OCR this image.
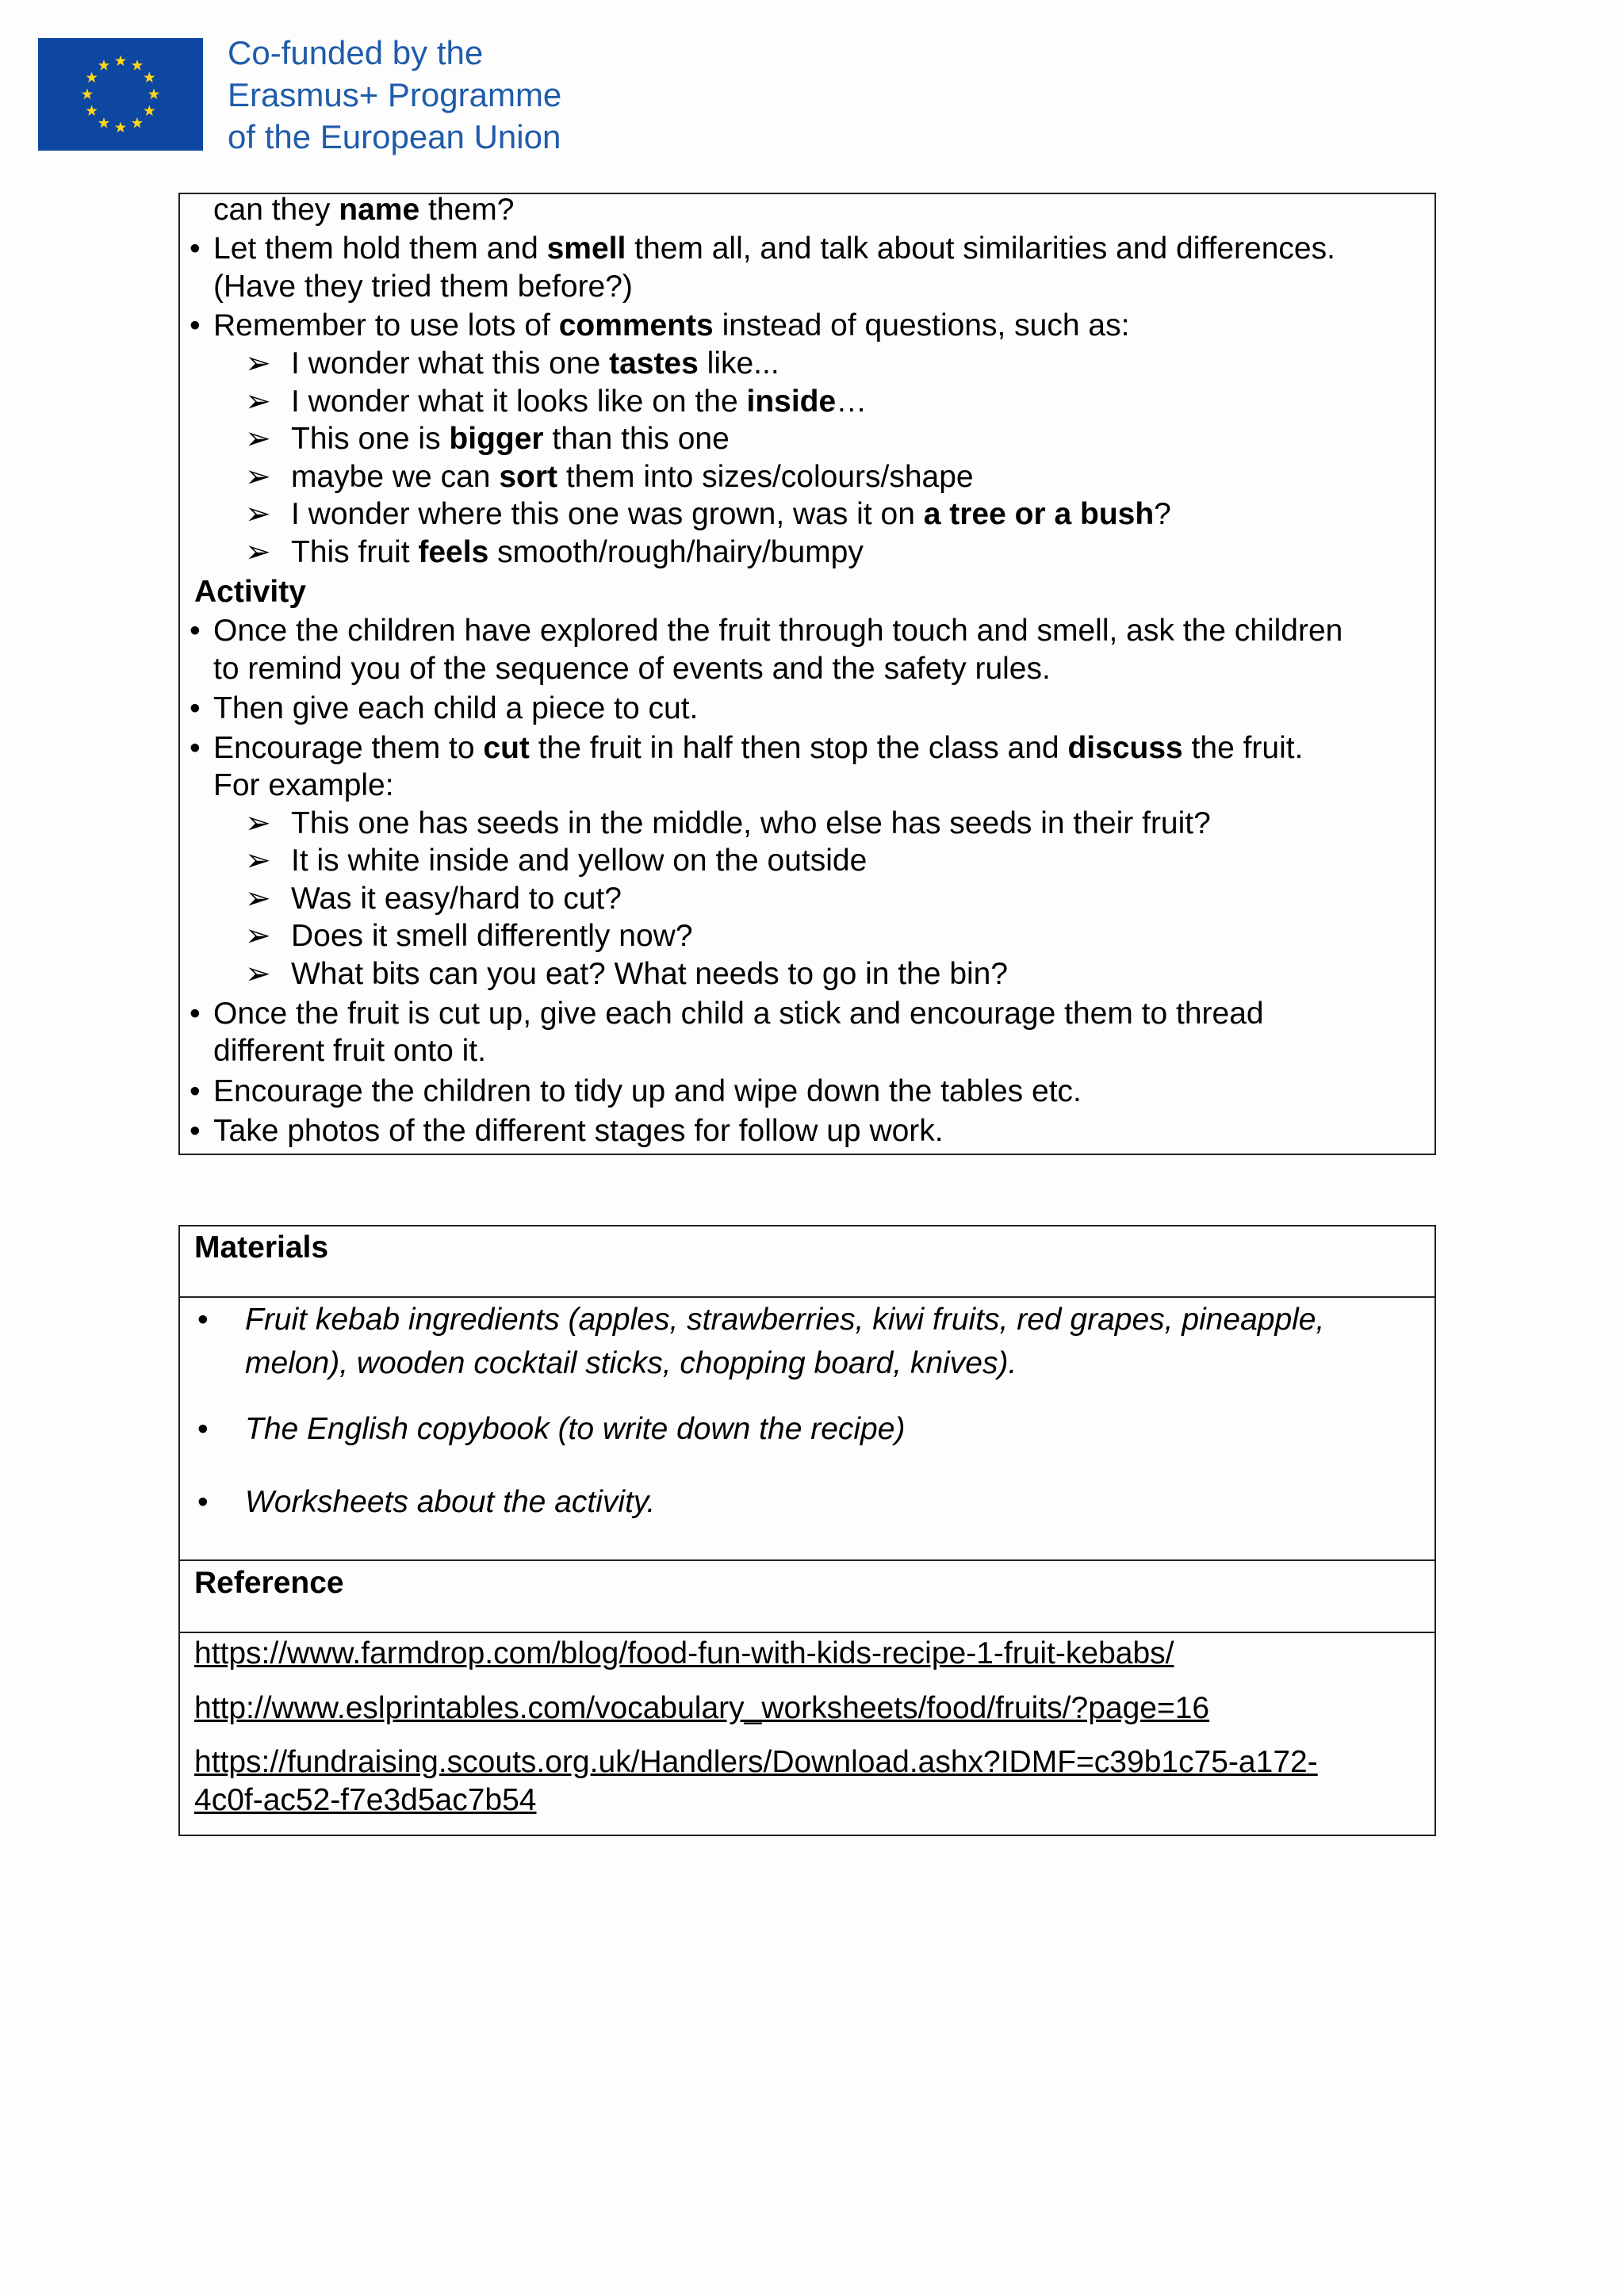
Co-funded by the
Erasmus+ Programme
of the European Union
can they name them?
• Let them hold them and smell them all, and talk about similarities and differences.
(Have they tried them before?)
• Remember to use lots of comments instead of questions, such as:
➢ I wonder what this one tastes like...
➢ I wonder what it looks like on the inside…
➢ This one is bigger than this one
➢ maybe we can sort them into sizes/colours/shape
➢ I wonder where this one was grown, was it on a tree or a bush?
➢ This fruit feels smooth/rough/hairy/bumpy
Activity
• Once the children have explored the fruit through touch and smell, ask the children
to remind you of the sequence of events and the safety rules.
• Then give each child a piece to cut.
• Encourage them to cut the fruit in half then stop the class and discuss the fruit.
For example:
➢ This one has seeds in the middle, who else has seeds in their fruit?
➢ It is white inside and yellow on the outside
➢ Was it easy/hard to cut?
➢ Does it smell differently now?
➢ What bits can you eat? What needs to go in the bin?
• Once the fruit is cut up, give each child a stick and encourage them to thread
different fruit onto it.
• Encourage the children to tidy up and wipe down the tables etc.
• Take photos of the different stages for follow up work.
Materials
• Fruit kebab ingredients (apples, strawberries, kiwi fruits, red grapes, pineapple,
melon), wooden cocktail sticks, chopping board, knives).
• The English copybook (to write down the recipe)
• Worksheets about the activity.
Reference
https://www.farmdrop.com/blog/food-fun-with-kids-recipe-1-fruit-kebabs/
http://www.eslprintables.com/vocabulary_worksheets/food/fruits/?page=16
https://fundraising.scouts.org.uk/Handlers/Download.ashx?IDMF=c39b1c75-a172-
4c0f-ac52-f7e3d5ac7b54
